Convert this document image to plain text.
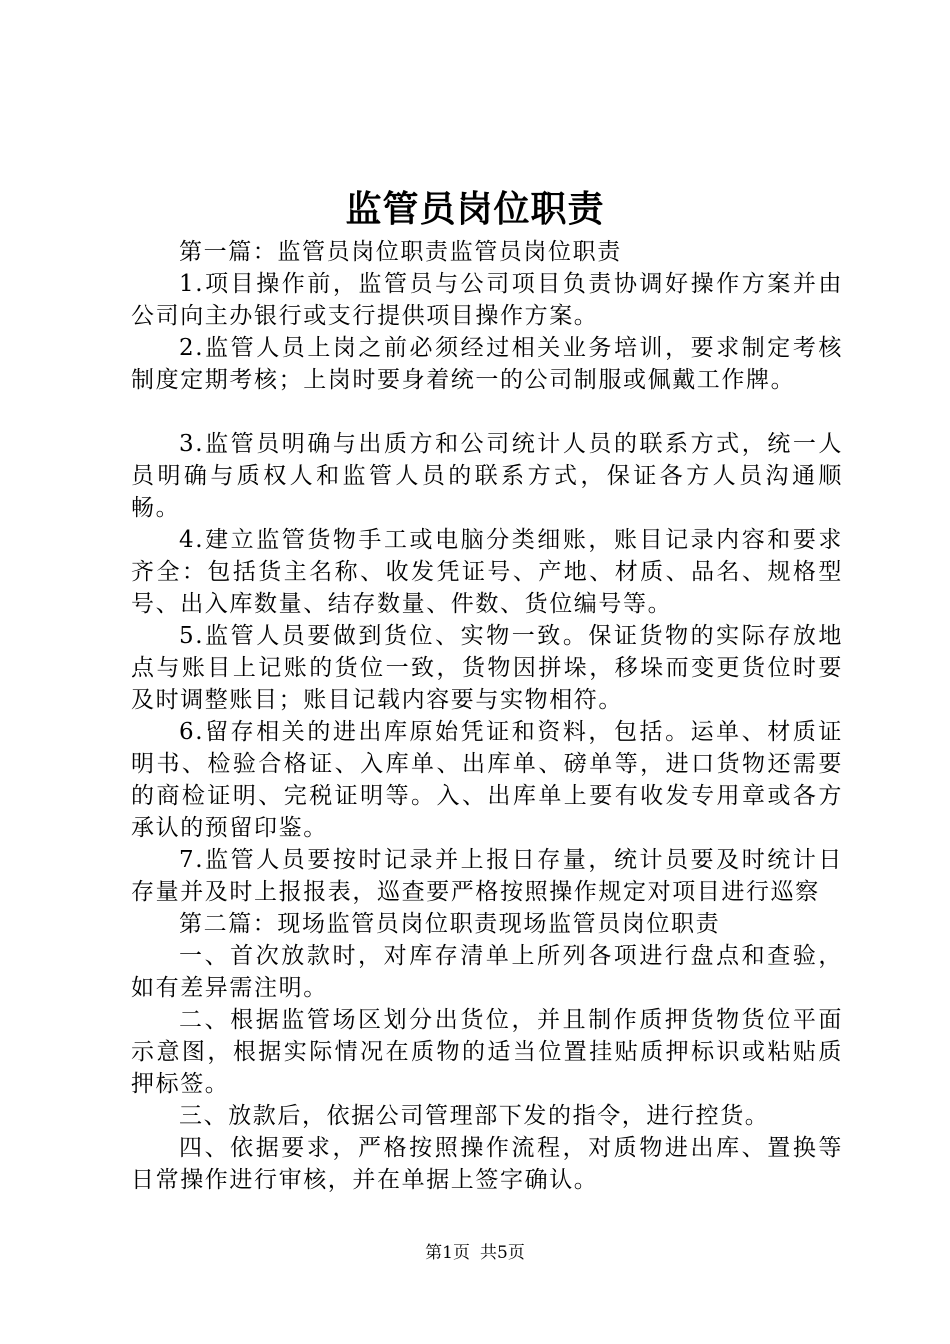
监管员岗位职责

第一篇：监管员岗位职责监管员岗位职责

1.项目操作前，监管员与公司项目负责协调好操作方案并由公司向主办银行或支行提供项目操作方案。

2.监管人员上岗之前必须经过相关业务培训，要求制定考核制度定期考核；上岗时要身着统一的公司制服或佩戴工作牌。

3.监管员明确与出质方和公司统计人员的联系方式，统一人员明确与质权人和监管人员的联系方式，保证各方人员沟通顺畅。

4.建立监管货物手工或电脑分类细账，账目记录内容和要求齐全：包括货主名称、收发凭证号、产地、材质、品名、规格型号、出入库数量、结存数量、件数、货位编号等。

5.监管人员要做到货位、实物一致。保证货物的实际存放地点与账目上记账的货位一致，货物因拼垛，移垛而变更货位时要及时调整账目；账目记载内容要与实物相符。

6.留存相关的进出库原始凭证和资料，包括。运单、材质证明书、检验合格证、入库单、出库单、磅单等，进口货物还需要的商检证明、完税证明等。入、出库单上要有收发专用章或各方承认的预留印鉴。

7.监管人员要按时记录并上报日存量，统计员要及时统计日存量并及时上报报表，巡查要严格按照操作规定对项目进行巡察

第二篇：现场监管员岗位职责现场监管员岗位职责

一、首次放款时，对库存清单上所列各项进行盘点和查验，如有差异需注明。

二、根据监管场区划分出货位，并且制作质押货物货位平面示意图，根据实际情况在质物的适当位置挂贴质押标识或粘贴质押标签。

三、放款后，依据公司管理部下发的指令，进行控货。

四、依据要求，严格按照操作流程，对质物进出库、置换等日常操作进行审核，并在单据上签字确认。

第1页 共5页
